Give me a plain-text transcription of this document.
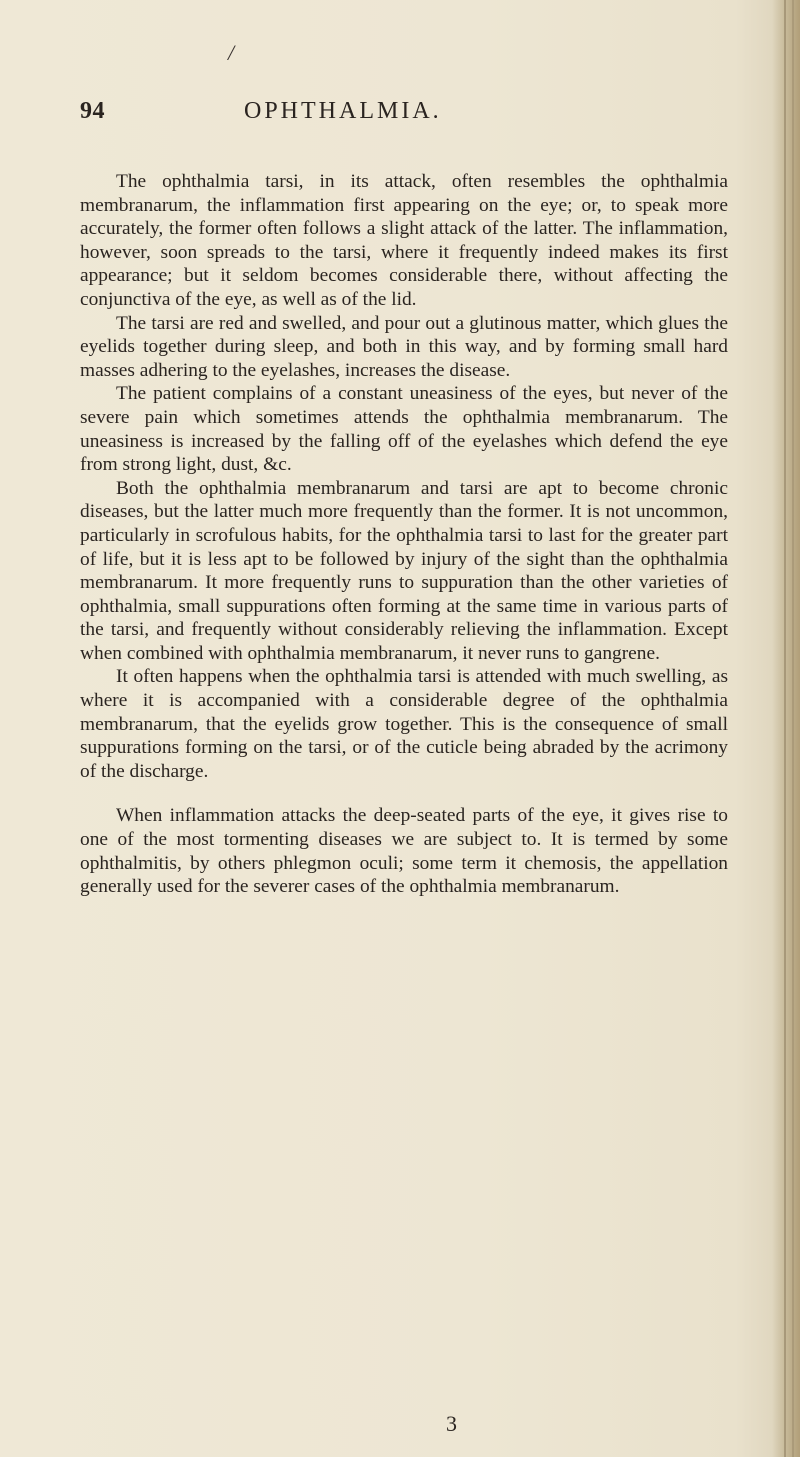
/
94	OPHTHALMIA.

The ophthalmia tarsi, in its attack, often resembles the ophthalmia membranarum, the inflammation first appearing on the eye; or, to speak more accurately, the former often follows a slight attack of the latter. The inflammation, however, soon spreads to the tarsi, where it frequently indeed makes its first appearance; but it seldom becomes considerable there, without affecting the conjunctiva of the eye, as well as of the lid.

The tarsi are red and swelled, and pour out a glutinous matter, which glues the eyelids together during sleep, and both in this way, and by forming small hard masses adhering to the eyelashes, increases the disease.

The patient complains of a constant uneasiness of the eyes, but never of the severe pain which sometimes attends the ophthalmia membranarum. The uneasiness is increased by the falling off of the eyelashes which defend the eye from strong light, dust, &c.

Both the ophthalmia membranarum and tarsi are apt to become chronic diseases, but the latter much more frequently than the former. It is not uncommon, particularly in scrofulous habits, for the ophthalmia tarsi to last for the greater part of life, but it is less apt to be followed by injury of the sight than the ophthalmia membranarum. It more frequently runs to suppuration than the other varieties of ophthalmia, small suppurations often forming at the same time in various parts of the tarsi, and frequently without considerably relieving the inflammation. Except when combined with ophthalmia membranarum, it never runs to gangrene.

It often happens when the ophthalmia tarsi is attended with much swelling, as where it is accompanied with a considerable degree of the ophthalmia membranarum, that the eyelids grow together. This is the consequence of small suppurations forming on the tarsi, or of the cuticle being abraded by the acrimony of the discharge.

When inflammation attacks the deep-seated parts of the eye, it gives rise to one of the most tormenting diseases we are subject to. It is termed by some ophthalmitis, by others phlegmon oculi; some term it chemosis, the appellation generally used for the severer cases of the ophthalmia membranarum.

3
